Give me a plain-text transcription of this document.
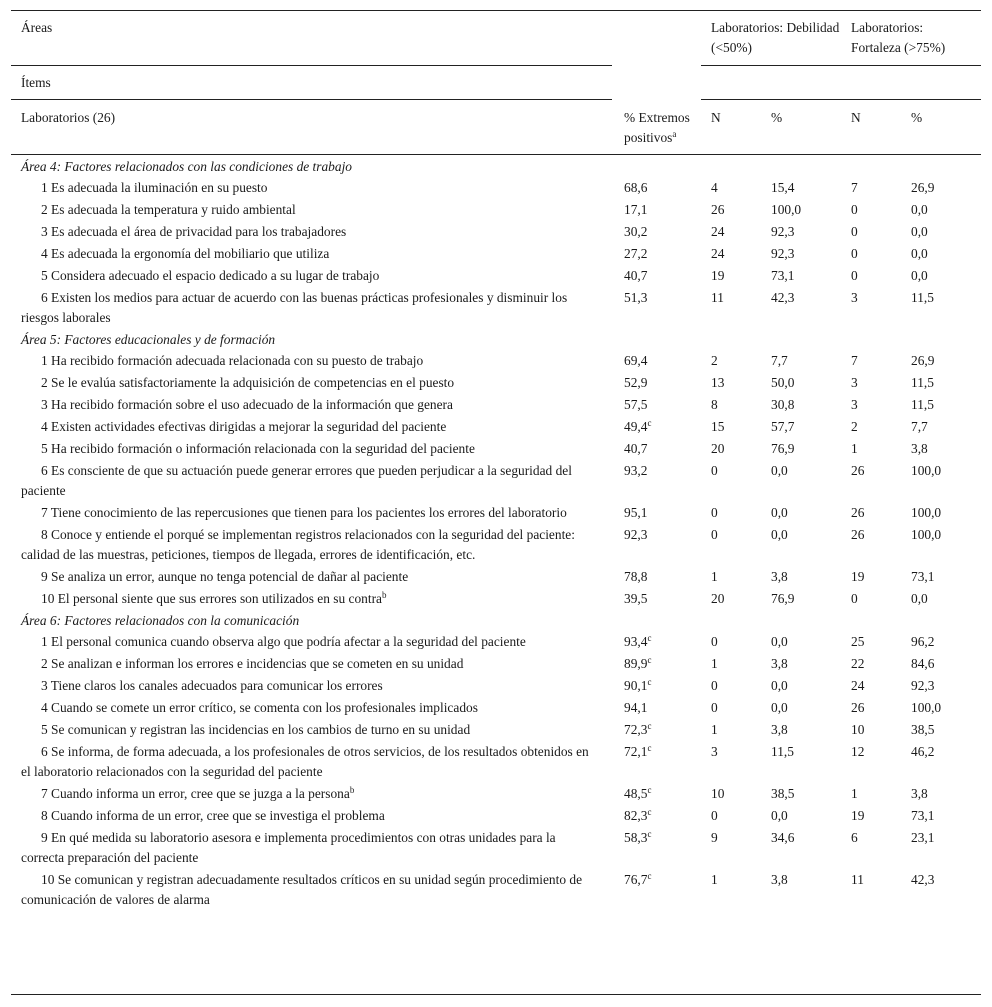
Áreas		Laboratorios: Debilidad (<50%)		Laboratorios: Fortaleza (>75%)	
Ítems					
Laboratorios (26)	% Extremos positivos$^a$	N	%	N	%
Área 4: Factores relacionados con las condiciones de trabajo					
1 Es adecuada la iluminación en su puesto	68,6	4	15,4	7	26,9
2 Es adecuada la temperatura y ruido ambiental	17,1	26	100,0	0	0,0
3 Es adecuada el área de privacidad para los trabajadores	30,2	24	92,3	0	0,0
4 Es adecuada la ergonomía del mobiliario que utiliza	27,2	24	92,3	0	0,0
5 Considera adecuado el espacio dedicado a su lugar de trabajo	40,7	19	73,1	0	0,0
6 Existen los medios para actuar de acuerdo con las buenas prácticas profesionales y disminuir los riesgos laborales	51,3	11	42,3	3	11,5
Área 5: Factores educacionales y de formación					
1 Ha recibido formación adecuada relacionada con su puesto de trabajo	69,4	2	7,7	7	26,9
2 Se le evalúa satisfactoriamente la adquisición de competencias en el puesto	52,9	13	50,0	3	11,5
3 Ha recibido formación sobre el uso adecuado de la información que genera	57,5	8	30,8	3	11,5
4 Existen actividades efectivas dirigidas a mejorar la seguridad del paciente	49,4$^c$	15	57,7	2	7,7
5 Ha recibido formación o información relacionada con la seguridad del paciente	40,7	20	76,9	1	3,8
6 Es consciente de que su actuación puede generar errores que pueden perjudicar a la seguridad del paciente	93,2	0	0,0	26	100,0
7 Tiene conocimiento de las repercusiones que tienen para los pacientes los errores del laboratorio	95,1	0	0,0	26	100,0
8 Conoce y entiende el porqué se implementan registros relacionados con la seguridad del paciente: calidad de las muestras, peticiones, tiempos de llegada, errores de identificación, etc.	92,3	0	0,0	26	100,0
9 Se analiza un error, aunque no tenga potencial de dañar al paciente	78,8	1	3,8	19	73,1
10 El personal siente que sus errores son utilizados en su contra$^b$	39,5	20	76,9	0	0,0
Área 6: Factores relacionados con la comunicación					
1 El personal comunica cuando observa algo que podría afectar a la seguridad del paciente	93,4$^c$	0	0,0	25	96,2
2 Se analizan e informan los errores e incidencias que se cometen en su unidad	89,9$^c$	1	3,8	22	84,6
3 Tiene claros los canales adecuados para comunicar los errores	90,1$^c$	0	0,0	24	92,3
4 Cuando se comete un error crítico, se comenta con los profesionales implicados	94,1	0	0,0	26	100,0
5 Se comunican y registran las incidencias en los cambios de turno en su unidad	72,3$^c$	1	3,8	10	38,5
6 Se informa, de forma adecuada, a los profesionales de otros servicios, de los resultados obtenidos en el laboratorio relacionados con la seguridad del paciente	72,1$^c$	3	11,5	12	46,2
7 Cuando informa un error, cree que se juzga a la persona$^b$	48,5$^c$	10	38,5	1	3,8
8 Cuando informa de un error, cree que se investiga el problema	82,3$^c$	0	0,0	19	73,1
9 En qué medida su laboratorio asesora e implementa procedimientos con otras unidades para la correcta preparación del paciente	58,3$^c$	9	34,6	6	23,1
10 Se comunican y registran adecuadamente resultados críticos en su unidad según procedimiento de comunicación de valores de alarma	76,7$^c$	1	3,8	11	42,3
